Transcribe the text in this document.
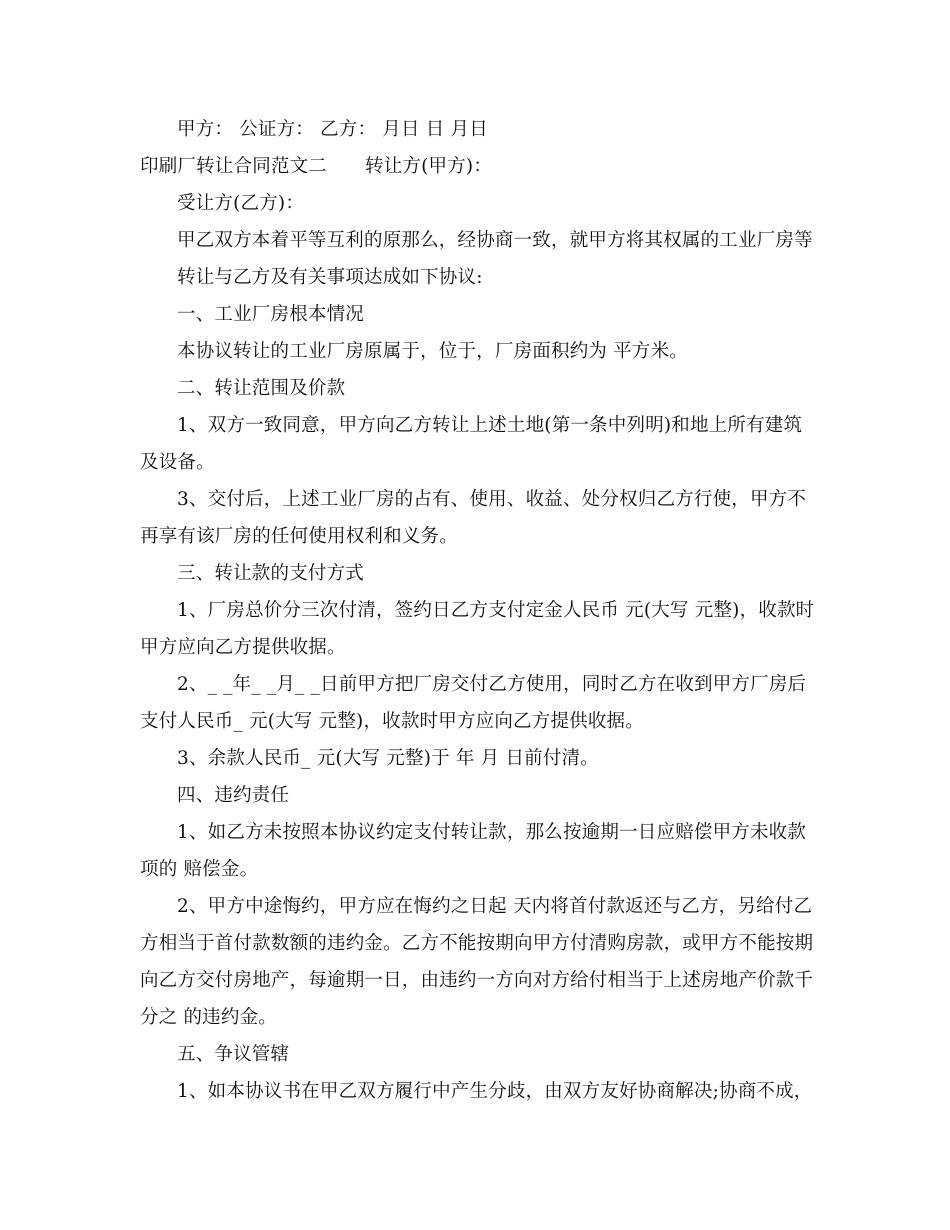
甲方： 公证方： 乙方： 月日 日 月日
印刷厂转让合同范文二 转让方(甲方)：
受让方(乙方)：
甲乙双方本着平等互利的原那么，经协商一致，就甲方将其权属的工业厂房等
转让与乙方及有关事项达成如下协议:
一、工业厂房根本情况
本协议转让的工业厂房原属于，位于，厂房面积约为 平方米。
二、转让范围及价款
1、双方一致同意，甲方向乙方转让上述土地(第一条中列明)和地上所有建筑
及设备。
3、交付后，上述工业厂房的占有、使用、收益、处分权归乙方行使，甲方不
再享有该厂房的任何使用权利和义务。
三、转让款的支付方式
1、厂房总价分三次付清，签约日乙方支付定金人民币 元(大写 元整)，收款时
甲方应向乙方提供收据。
2、_ _年_ _月_ _日前甲方把厂房交付乙方使用，同时乙方在收到甲方厂房后
支付人民币_ 元(大写 元整)，收款时甲方应向乙方提供收据。
3、余款人民币_ 元(大写 元整)于 年 月 日前付清。
四、违约责任
1、如乙方未按照本协议约定支付转让款，那么按逾期一日应赔偿甲方未收款
项的 赔偿金。
2、甲方中途悔约，甲方应在悔约之日起 天内将首付款返还与乙方，另给付乙
方相当于首付款数额的违约金。乙方不能按期向甲方付清购房款，或甲方不能按期
向乙方交付房地产，每逾期一日，由违约一方向对方给付相当于上述房地产价款千
分之 的违约金。
五、争议管辖
1、如本协议书在甲乙双方履行中产生分歧，由双方友好协商解决;协商不成，
